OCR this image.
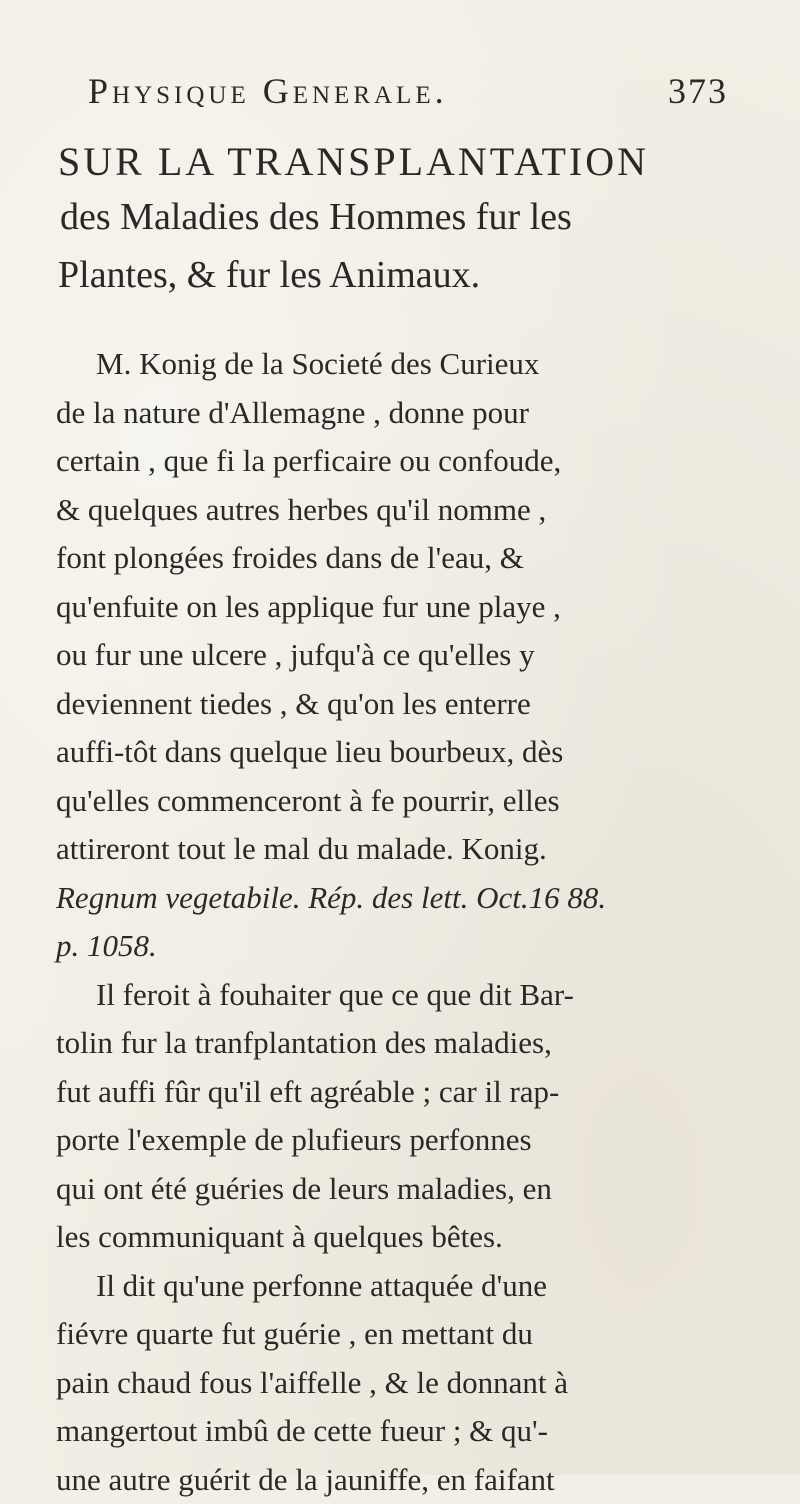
Physique Generale.	373
SUR LA TRANSPLANTATION
des Maladies des Hommes fur les
Plantes, & fur les Animaux.
M. Konig de la Societé des Curieux
de la nature d'Allemagne , donne pour
certain , que fi la perficaire ou confoude,
& quelques autres herbes qu'il nomme ,
font plongées froides dans de l'eau, &
qu'enfuite on les applique fur une playe ,
ou fur une ulcere , jufqu'à ce qu'elles y
deviennent tiedes , & qu'on les enterre
auffi-tôt dans quelque lieu bourbeux, dès
qu'elles commenceront à fe pourrir, elles
attireront tout le mal du malade. Konig.
Regnum vegetabile. Rép. des lett. Oct.16 88.
p. 1058.
Il feroit à fouhaiter que ce que dit Bar-
tolin fur la tranfplantation des maladies,
fut auffi fûr qu'il eft agréable ; car il rap-
porte l'exemple de plufieurs perfonnes
qui ont été guéries de leurs maladies, en
les communiquant à quelques bêtes.
Il dit qu'une perfonne attaquée d'une
fiévre quarte fut guérie , en mettant du
pain chaud fous l'aiffelle , & le donnant à
mangertout imbû de cette fueur ; & qu'-
une autre guérit de la jauniffe, en faifant
